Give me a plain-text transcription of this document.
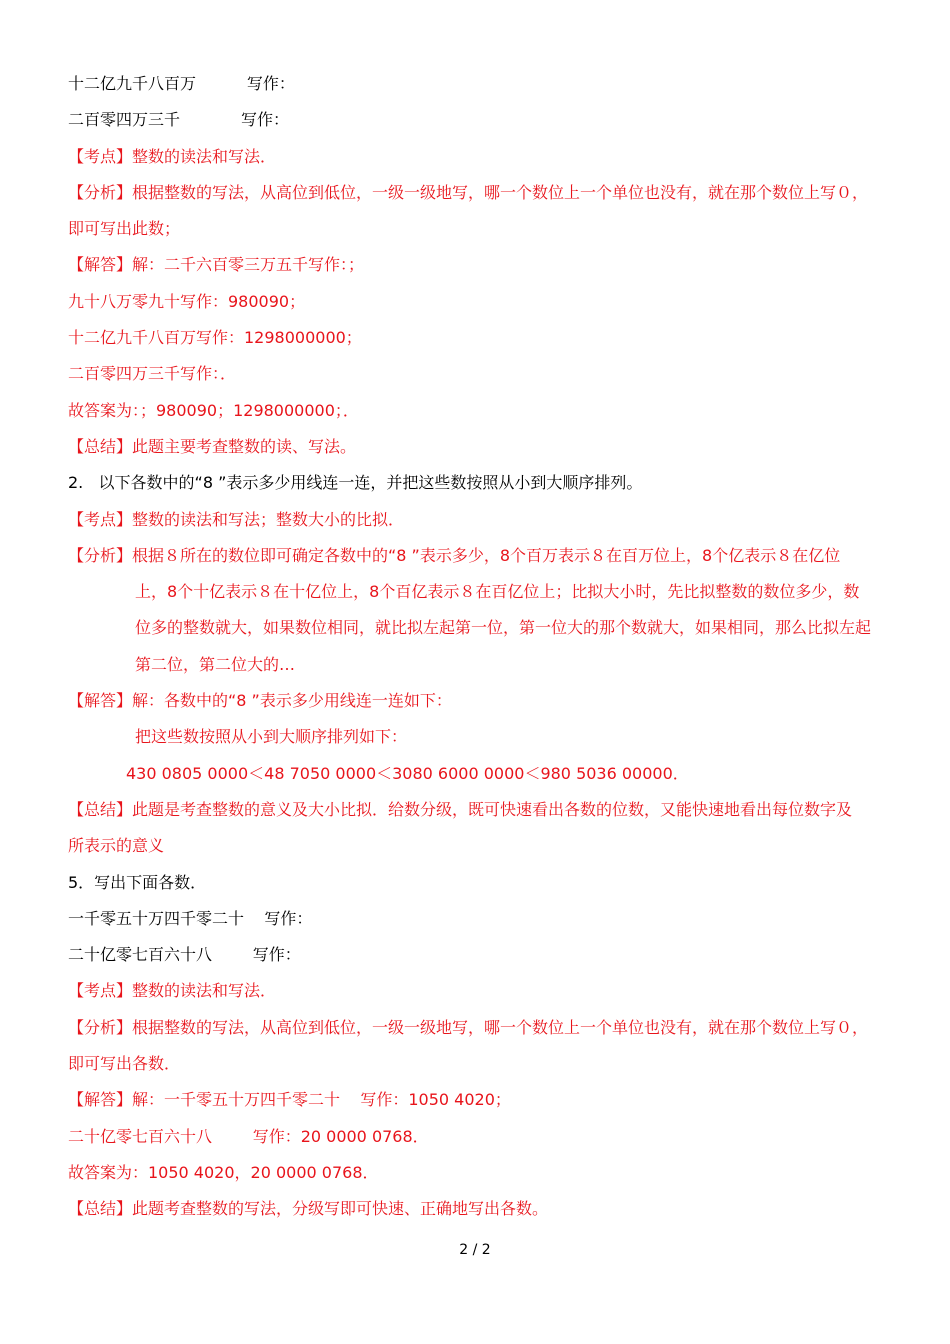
十二亿九千八百万          写作：
二百零四万三千            写作：
【考点】整数的读法和写法．
【分析】根据整数的写法，从高位到低位，一级一级地写，哪一个数位上一个单位也没有，就在那个数位上写０，
即可写出此数；
【解答】解：二千六百零三万五千写作：；
九十八万零九十写作：980090；
十二亿九千八百万写作：1298000000；
二百零四万三千写作：．
故答案为：；980090；1298000000；．
【总结】此题主要考查整数的读、写法。
2.   以下各数中的“8 ”表示多少用线连一连，并把这些数按照从小到大顺序排列。
【考点】整数的读法和写法；整数大小的比拟．
【分析】根据８所在的数位即可确定各数中的“8 ”表示多少，8个百万表示８在百万位上，8个亿表示８在亿位
上，8个十亿表示８在十亿位上，8个百亿表示８在百亿位上；比拟大小时，先比拟整数的数位多少，数
位多的整数就大，如果数位相同，就比拟左起第一位，第一位大的那个数就大，如果相同，那么比拟左起
第二位，第二位大的…
【解答】解：各数中的“8 ”表示多少用线连一连如下：
把这些数按照从小到大顺序排列如下：
430 0805 0000＜48 7050 0000＜3080 6000 0000＜980 5036 00000．
【总结】此题是考查整数的意义及大小比拟．给数分级，既可快速看出各数的位数，又能快速地看出每位数字及
所表示的意义
5．写出下面各数．
一千零五十万四千零二十    写作：
二十亿零七百六十八        写作：
【考点】整数的读法和写法．
【分析】根据整数的写法，从高位到低位，一级一级地写，哪一个数位上一个单位也没有，就在那个数位上写０，
即可写出各数．
【解答】解：一千零五十万四千零二十    写作：1050 4020；
二十亿零七百六十八        写作：20 0000 0768．
故答案为：1050 4020，20 0000 0768．
【总结】此题考查整数的写法，分级写即可快速、正确地写出各数。
2 / 2
